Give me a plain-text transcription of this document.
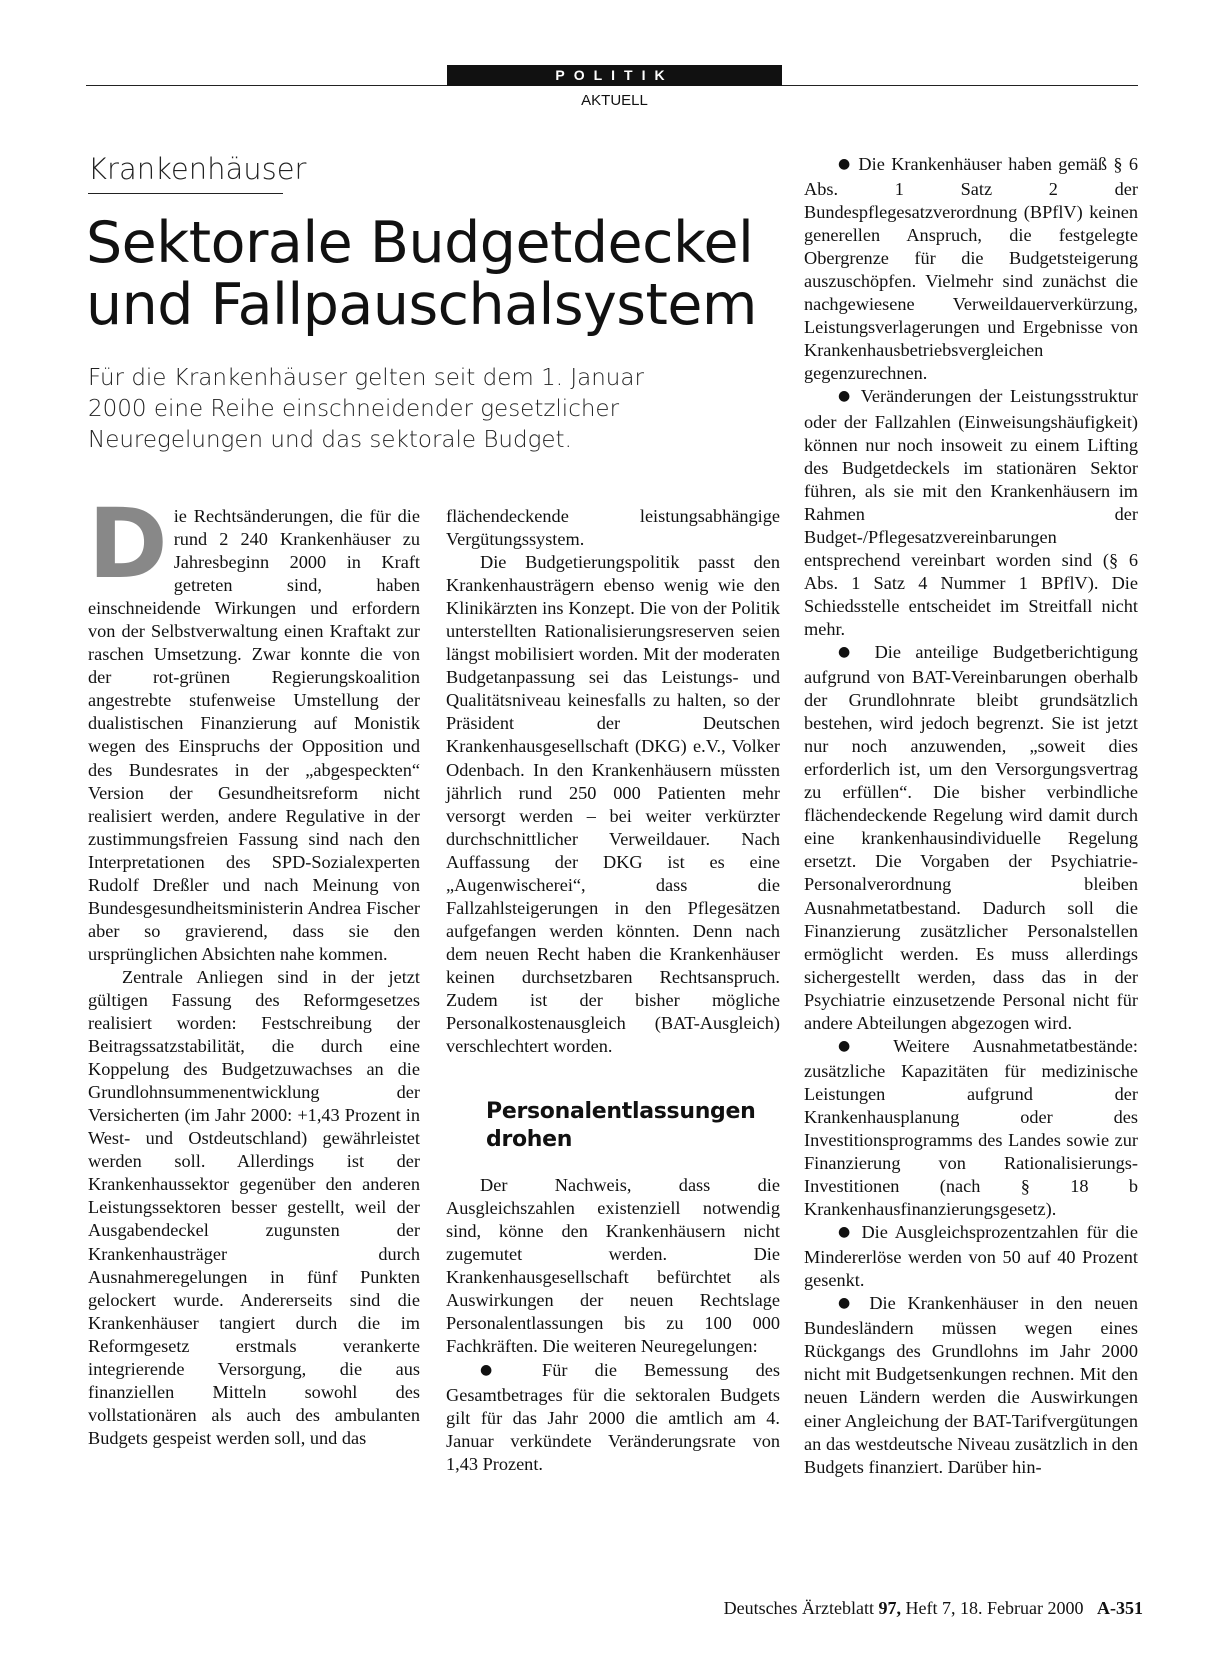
POLITIK
AKTUELL
Krankenhäuser
Sektorale Budgetdeckel
und Fallpauschalsystem
Für die Krankenhäuser gelten seit dem 1. Januar 2000 eine Reihe einschneidender gesetzlicher Neuregelungen und das sektorale Budget.

Die Rechtsänderungen, die für die rund 2 240 Krankenhäuser zu Jahresbeginn 2000 in Kraft getreten sind, haben einschneidende Wirkungen und erfordern von der Selbstverwaltung einen Kraftakt zur raschen Umsetzung. Zwar konnte die von der rot-grünen Regierungskoalition angestrebte stufenweise Umstellung der dualistischen Finanzierung auf Monistik wegen des Einspruchs der Opposition und des Bundesrates in der „abgespeckten“ Version der Gesundheitsreform nicht realisiert werden, andere Regulative in der zustimmungsfreien Fassung sind nach den Interpretationen des SPD-Sozialexperten Rudolf Dreßler und nach Meinung von Bundesgesundheitsministerin Andrea Fischer aber so gravierend, dass sie den ursprünglichen Absichten nahe kommen.

Zentrale Anliegen sind in der jetzt gültigen Fassung des Reformgesetzes realisiert worden: Festschreibung der Beitragssatzstabilität, die durch eine Koppelung des Budgetzuwachses an die Grundlohnsummenentwicklung der Versicherten (im Jahr 2000: +1,43 Prozent in West- und Ostdeutschland) gewährleistet werden soll. Allerdings ist der Krankenhaussektor gegenüber den anderen Leistungssektoren besser gestellt, weil der Ausgabendeckel zugunsten der Krankenhausträger durch Ausnahmeregelungen in fünf Punkten gelockert wurde. Andererseits sind die Krankenhäuser tangiert durch die im Reformgesetz erstmals verankerte integrierende Versorgung, die aus finanziellen Mitteln sowohl des vollstationären als auch des ambulanten Budgets gespeist werden soll, und das

flächendeckende leistungsabhängige Vergütungssystem.

Die Budgetierungspolitik passt den Krankenhausträgern ebenso wenig wie den Klinikärzten ins Konzept. Die von der Politik unterstellten Rationalisierungsreserven seien längst mobilisiert worden. Mit der moderaten Budgetanpassung sei das Leistungs- und Qualitätsniveau keinesfalls zu halten, so der Präsident der Deutschen Krankenhausgesellschaft (DKG) e.V., Volker Odenbach. In den Krankenhäusern müssten jährlich rund 250 000 Patienten mehr versorgt werden – bei weiter verkürzter durchschnittlicher Verweildauer. Nach Auffassung der DKG ist es eine „Augenwischerei“, dass die Fallzahlsteigerungen in den Pflegesätzen aufgefangen werden könnten. Denn nach dem neuen Recht haben die Krankenhäuser keinen durchsetzbaren Rechtsanspruch. Zudem ist der bisher mögliche Personalkostenausgleich (BAT-Ausgleich) verschlechtert worden.

Personalentlassungen drohen

Der Nachweis, dass die Ausgleichszahlen existenziell notwendig sind, könne den Krankenhäusern nicht zugemutet werden. Die Krankenhausgesellschaft befürchtet als Auswirkungen der neuen Rechtslage Personalentlassungen bis zu 100 000 Fachkräften. Die weiteren Neuregelungen:

● Für die Bemessung des Gesamtbetrages für die sektoralen Budgets gilt für das Jahr 2000 die amtlich am 4. Januar verkündete Veränderungsrate von 1,43 Prozent.

● Die Krankenhäuser haben gemäß § 6 Abs. 1 Satz 2 der Bundespflegesatzverordnung (BPflV) keinen generellen Anspruch, die festgelegte Obergrenze für die Budgetsteigerung auszuschöpfen. Vielmehr sind zunächst die nachgewiesene Verweildauerverkürzung, Leistungsverlagerungen und Ergebnisse von Krankenhausbetriebsvergleichen gegenzurechnen.

● Veränderungen der Leistungsstruktur oder der Fallzahlen (Einweisungshäufigkeit) können nur noch insoweit zu einem Lifting des Budgetdeckels im stationären Sektor führen, als sie mit den Krankenhäusern im Rahmen der Budget-/Pflegesatzvereinbarungen entsprechend vereinbart worden sind (§ 6 Abs. 1 Satz 4 Nummer 1 BPflV). Die Schiedsstelle entscheidet im Streitfall nicht mehr.

● Die anteilige Budgetberichtigung aufgrund von BAT-Vereinbarungen oberhalb der Grundlohnrate bleibt grundsätzlich bestehen, wird jedoch begrenzt. Sie ist jetzt nur noch anzuwenden, „soweit dies erforderlich ist, um den Versorgungsvertrag zu erfüllen“. Die bisher verbindliche flächendeckende Regelung wird damit durch eine krankenhausindividuelle Regelung ersetzt. Die Vorgaben der Psychiatrie-Personalverordnung bleiben Ausnahmetatbestand. Dadurch soll die Finanzierung zusätzlicher Personalstellen ermöglicht werden. Es muss allerdings sichergestellt werden, dass das in der Psychiatrie einzusetzende Personal nicht für andere Abteilungen abgezogen wird.

● Weitere Ausnahmetatbestände: zusätzliche Kapazitäten für medizinische Leistungen aufgrund der Krankenhausplanung oder des Investitionsprogramms des Landes sowie zur Finanzierung von Rationalisierungs-Investitionen (nach § 18 b Krankenhausfinanzierungsgesetz).

● Die Ausgleichsprozentzahlen für die Mindererlöse werden von 50 auf 40 Prozent gesenkt.

● Die Krankenhäuser in den neuen Bundesländern müssen wegen eines Rückgangs des Grundlohns im Jahr 2000 nicht mit Budgetsenkungen rechnen. Mit den neuen Ländern werden die Auswirkungen einer Angleichung der BAT-Tarifvergütungen an das westdeutsche Niveau zusätzlich in den Budgets finanziert. Darüber hin-

Deutsches Ärzteblatt 97, Heft 7, 18. Februar 2000 A-351
